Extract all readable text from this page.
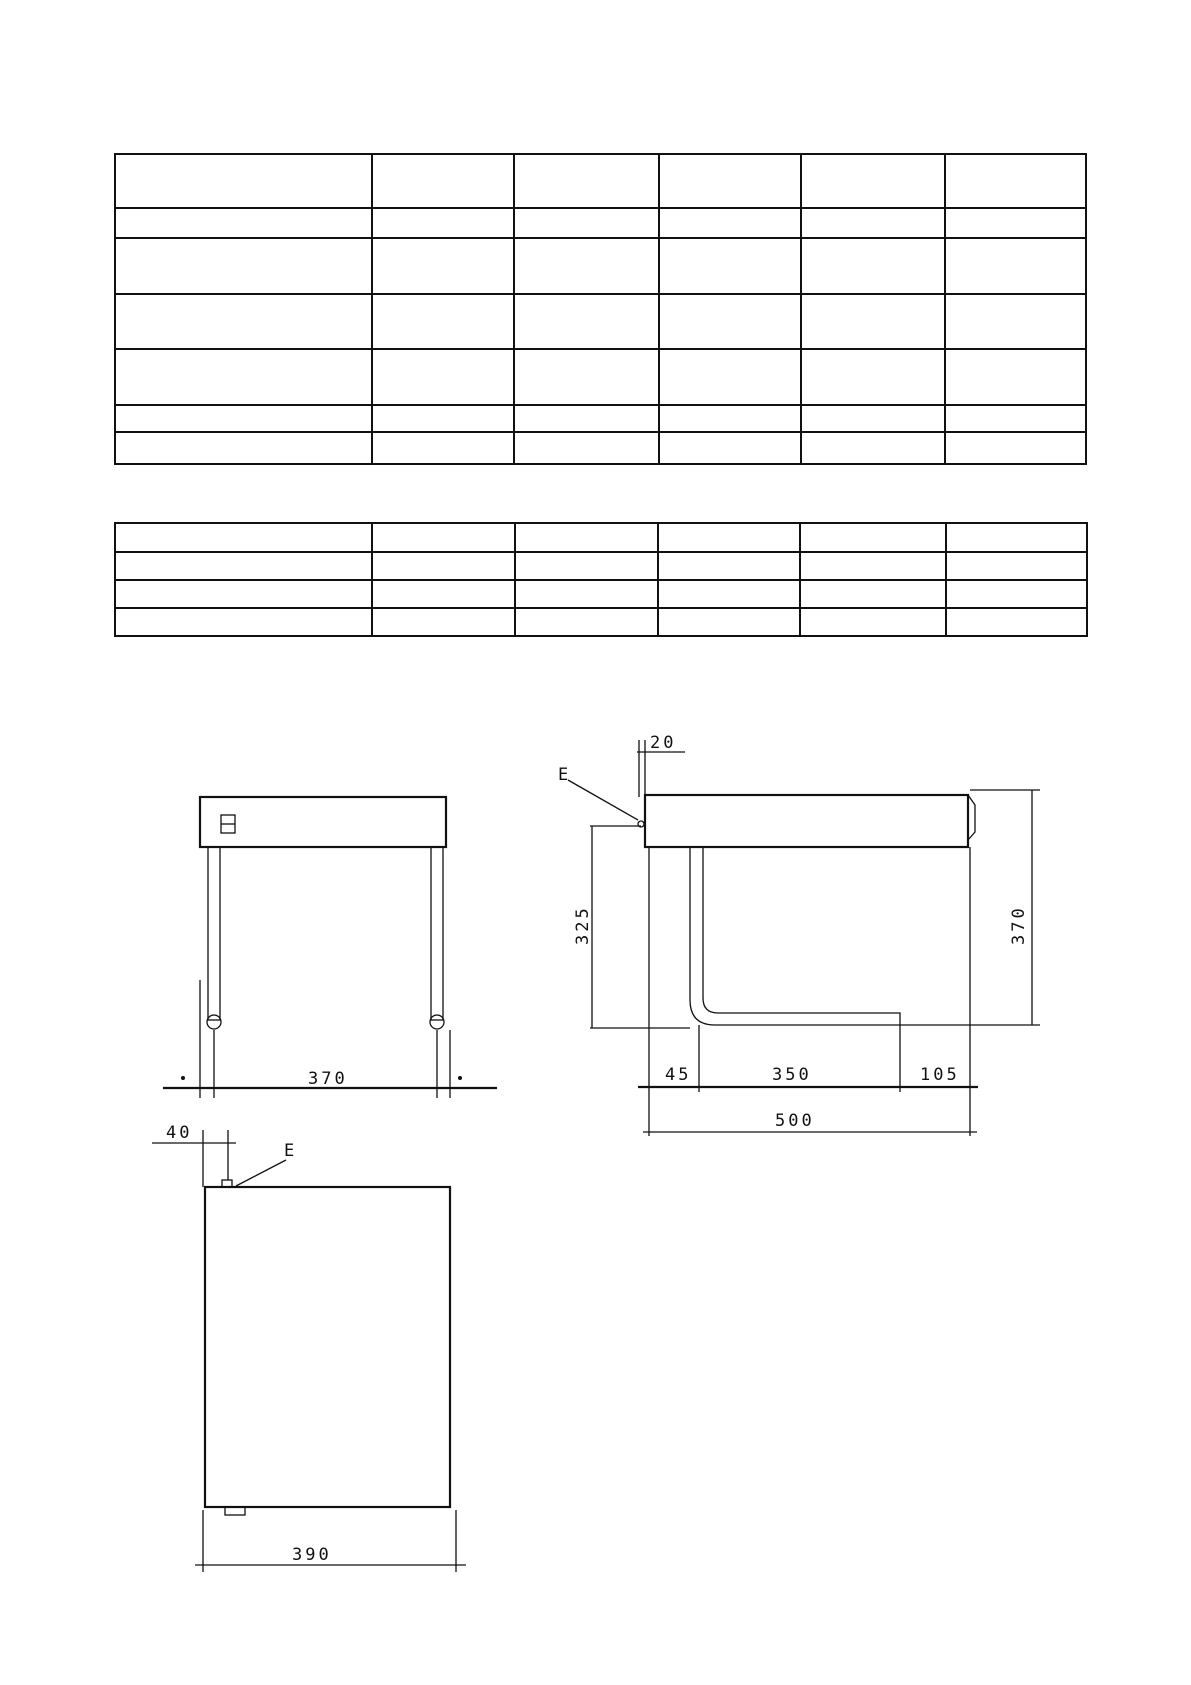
370
20
E
325	370
45	350	105
500
40
E
390
